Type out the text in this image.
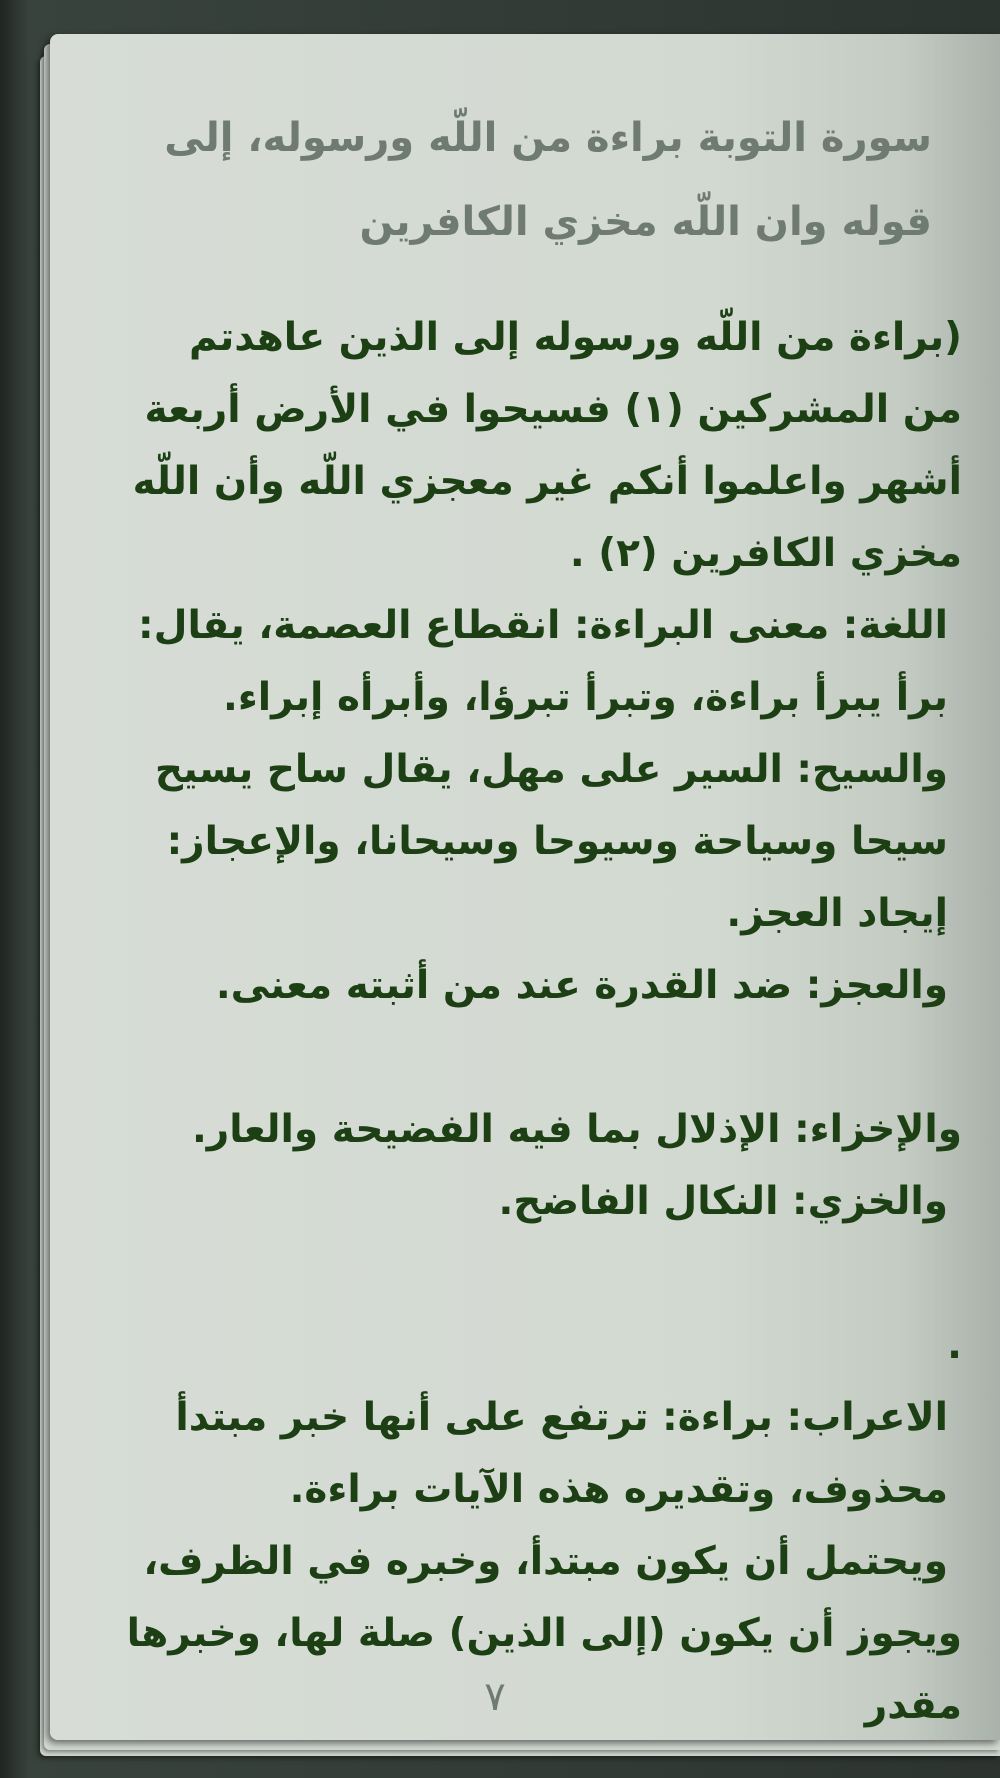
سورة التوبة براءة من اللّه ورسوله، إلى قوله وان اللّه مخزي الكافرين

(براءة من اللّه ورسوله إلى الذين عاهدتم من المشركين (١) فسيحوا في الأرض أربعة أشهر واعلموا أنكم غير معجزي اللّه وأن اللّه مخزي الكافرين (٢) .

اللغة: معنى البراءة: انقطاع العصمة، يقال: برأ يبرأ براءة، وتبرأ تبرؤا، وأبرأه إبراء.

والسيح: السير على مهل، يقال ساح يسيح سيحا وسياحة وسيوحا وسيحانا، والإعجاز: إيجاد العجز.

والعجز: ضد القدرة عند من أثبته معنى.

والإخزاء: الإذلال بما فيه الفضيحة والعار.

والخزي: النكال الفاضح.

.

الاعراب: براءة: ترتفع على أنها خبر مبتدأ محذوف، وتقديره هذه الآيات براءة.

ويحتمل أن يكون مبتدأ، وخبره في الظرف،

ويجوز أن يكون (إلى الذين) صلة لها، وخبرها مقدر

٧
